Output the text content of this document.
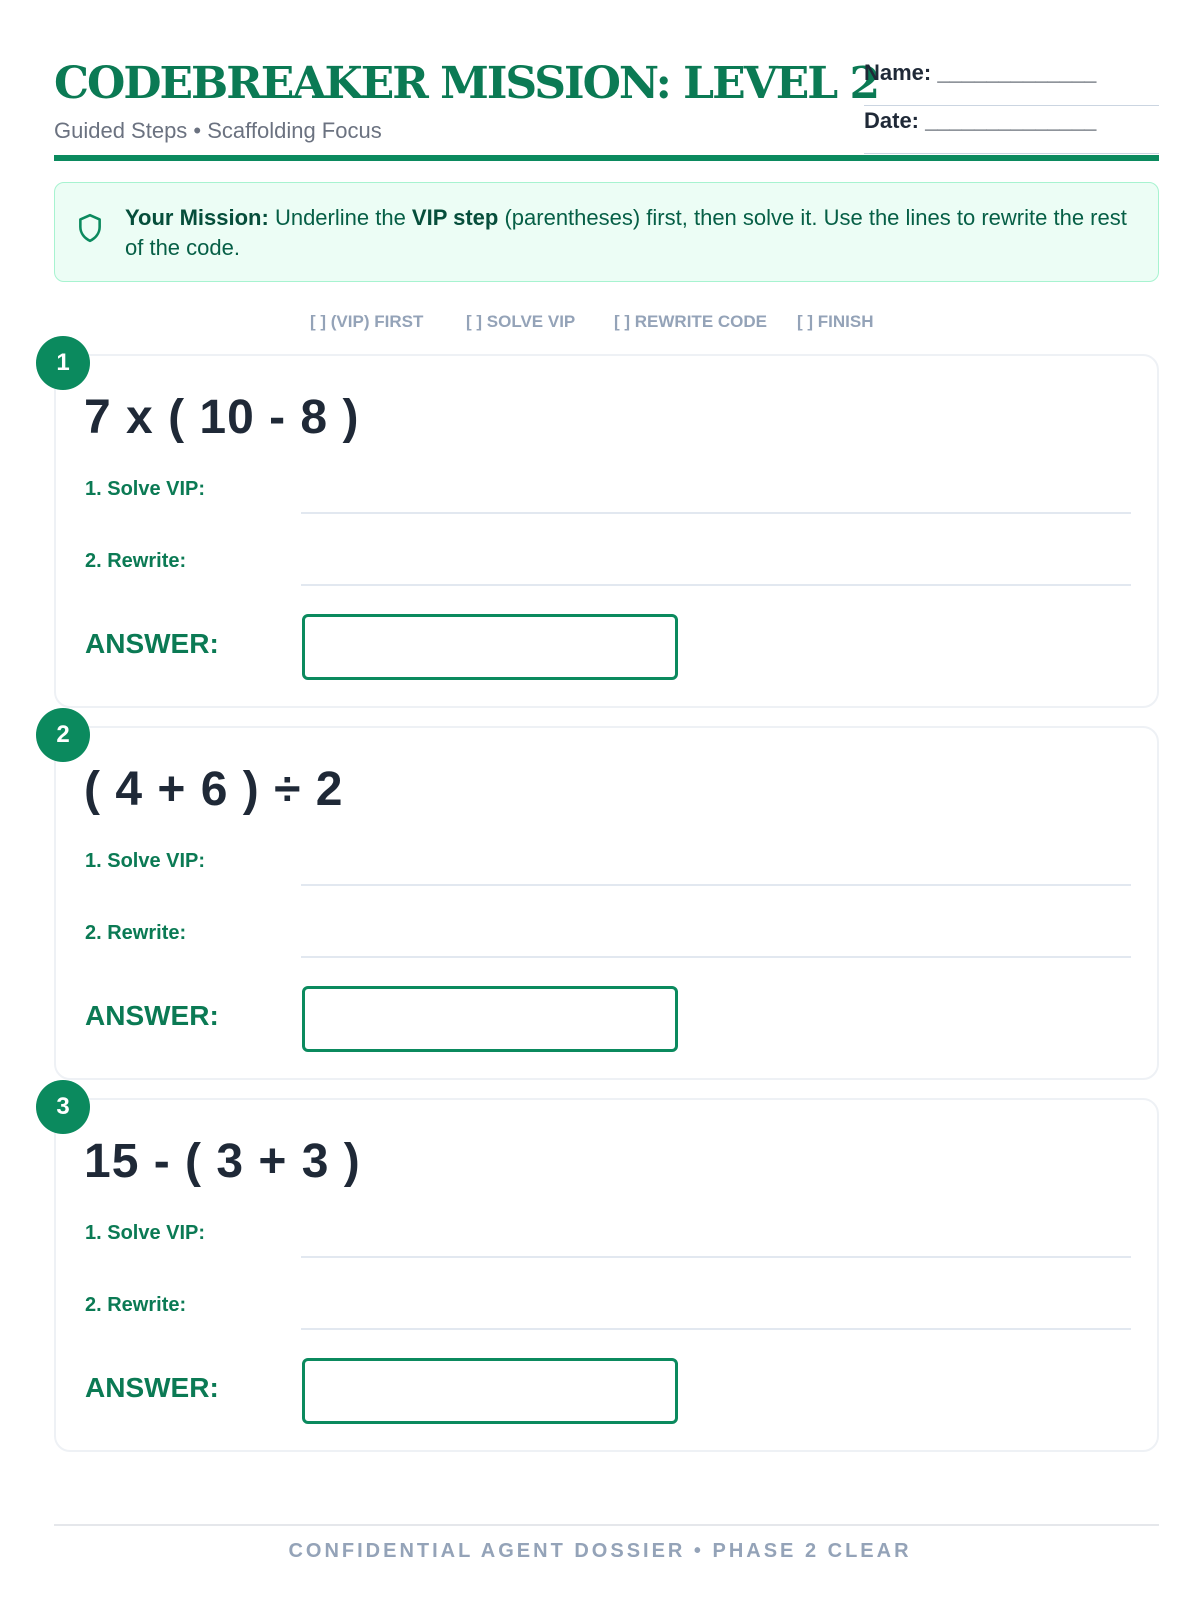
CODEBREAKER MISSION: LEVEL 2
Guided Steps • Scaffolding Focus
Name: _____________
Date: ______________
Your Mission: Underline the VIP step (parentheses) first, then solve it. Use the lines to rewrite the rest of the code.
[ ] (VIP) FIRST	[ ] SOLVE VIP [ ] REWRITE CODE [ ] FINISH
7 x ( 10 - 8 )
1. Solve VIP:
2. Rewrite:
ANSWER:
1
( 4 + 6 ) ÷ 2
1. Solve VIP:
2. Rewrite:
ANSWER:
2
15 - ( 3 + 3 )
1. Solve VIP:
2. Rewrite:
ANSWER:
3
CONFIDENTIAL AGENT DOSSIER • PHASE 2 CLEAR
